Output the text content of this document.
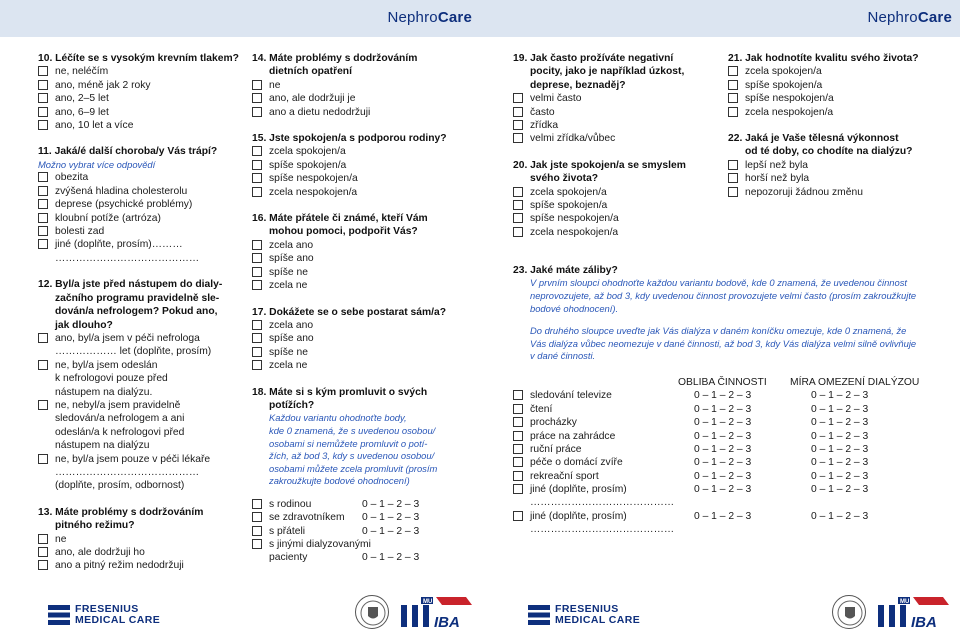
NephroCare
10. Léčíte se s vysokým krevním tlakem?
ne, neléčím
ano, méně jak 2 roky
ano, 2–5 let
ano, 6–9 let
ano, 10 let a více
11. Jaká/é další choroba/y Vás trápí?
Možno vybrat více odpovědí
obezita
zvýšená hladina cholesterolu
deprese (psychické problémy)
kloubní potíže (artróza)
bolesti zad
jiné (doplňte, prosím)………
……………………………………
12. Byl/a jste před nástupem do dialy-
začního programu pravidelně sle-
dován/a nefrologem? Pokud ano,
jak dlouho?
ano, byl/a jsem v péči nefrologa
……………… let (doplňte, prosím)
ne, byl/a jsem odeslán
k nefrologovi pouze před
nástupem na dialýzu.
ne, nebyl/a jsem pravidelně
sledován/a nefrologem a ani
odeslán/a k nefrologovi před
nástupem na dialýzu
ne, byl/a jsem pouze v péči lékaře
……………………………………
(doplňte, prosím, odbornost)
13. Máte problémy s dodržováním
pitného režimu?
ne
ano, ale dodržuji ho
ano a pitný režim nedodržuji
14. Máte problémy s dodržováním
dietních opatření
ne
ano, ale dodržuji je
ano a dietu nedodržuji
15. Jste spokojen/a s podporou rodiny?
zcela spokojen/a
spíše spokojen/a
spíše nespokojen/a
zcela nespokojen/a
16. Máte přátele či známé, kteří Vám
mohou pomoci, podpořit Vás?
zcela ano
spíše ano
spíše ne
zcela ne
17. Dokážete se o sebe postarat sám/a?
zcela ano
spíše ano
spíše ne
zcela ne
18. Máte si s kým promluvit o svých
potížích?
Každou variantu ohodnoťte body,
kde 0 znamená, že s uvedenou osobou/
osobami si nemůžete promluvit o potí-
žích, až bod 3, kdy s uvedenou osobou/
osobami můžete zcela promluvit (prosím
zakroužkujte bodové ohodnocení)
s rodinou	0 – 1 – 2 – 3
se zdravotníkem 0 – 1 – 2 – 3
s přáteli	0 – 1 – 2 – 3
s jinými dialyzovanými
pacienty	0 – 1 – 2 – 3
FRESENIUS
MEDICAL CARE
MU
IBA
NephroCare
19. Jak často prožíváte negativní
pocity, jako je například úzkost,
deprese, beznaděj?
velmi často
často
zřídka
velmi zřídka/vůbec
20. Jak jste spokojen/a se smyslem
svého života?
zcela spokojen/a
spíše spokojen/a
spíše nespokojen/a
zcela nespokojen/a
21. Jak hodnotíte kvalitu svého života?
zcela spokojen/a
spíše spokojen/a
spíše nespokojen/a
zcela nespokojen/a
22. Jaká je Vaše tělesná výkonnost
od té doby, co chodíte na dialýzu?
lepší než byla
horší než byla
nepozoruji žádnou změnu
23. Jaké máte záliby?
V prvním sloupci ohodnoťte každou variantu bodově, kde 0 znamená, že uvedenou činnost
neprovozujete, až bod 3, kdy uvedenou činnost provozujete velmi často (prosím zakroužkujte
bodové ohodnocení).
Do druhého sloupce uveďte jak Vás dialýza v daném koníčku omezuje, kde 0 znamená, že
Vás dialýza vůbec neomezuje v dané činnosti, až bod 3, kdy Vás dialýza velmi silně ovlivňuje
v dané činnosti.
OBLIBA ČINNOSTI MÍRA OMEZENÍ DIALÝZOU
sledování televize	0 – 1 – 2 – 3	0 – 1 – 2 – 3
čtení	0 – 1 – 2 – 3	0 – 1 – 2 – 3
procházky	0 – 1 – 2 – 3	0 – 1 – 2 – 3
práce na zahrádce	0 – 1 – 2 – 3	0 – 1 – 2 – 3
ruční práce	0 – 1 – 2 – 3	0 – 1 – 2 – 3
péče o domácí zvíře	0 – 1 – 2 – 3	0 – 1 – 2 – 3
rekreační sport	0 – 1 – 2 – 3	0 – 1 – 2 – 3
jiné (doplňte, prosím)	0 – 1 – 2 – 3	0 – 1 – 2 – 3
……………………………………
jiné (doplňte, prosím)	0 – 1 – 2 – 3	0 – 1 – 2 – 3
……………………………………
FRESENIUS
MEDICAL CARE
MU
IBA
